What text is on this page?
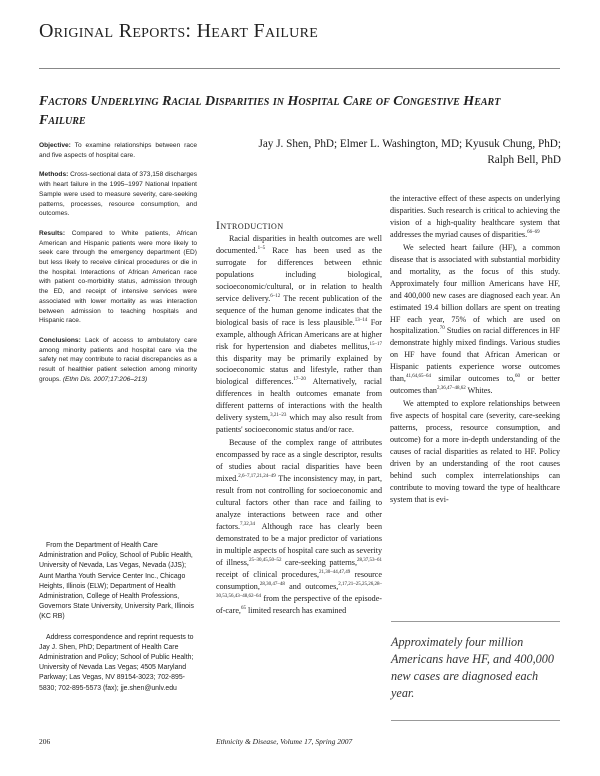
Original Reports: Heart Failure
Factors Underlying Racial Disparities in Hospital Care of Congestive Heart Failure
Jay J. Shen, PhD; Elmer L. Washington, MD; Kyusuk Chung, PhD;
Ralph Bell, PhD

Objective: To examine relationships between race and five aspects of hospital care.

Methods: Cross-sectional data of 373,158 discharges with heart failure in the 1995–1997 National Inpatient Sample were used to measure severity, care-seeking patterns, processes, resource consumption, and outcomes.

Results: Compared to White patients, African American and Hispanic patients were more likely to seek care through the emergency department (ED) but less likely to receive clinical procedures or die in the hospital. Interactions of African American race with patient co-morbidity status, admission through the ED, and receipt of intensive services were associated with lower mortality as was interaction between admission to teaching hospitals and Hispanic race.

Conclusions: Lack of access to ambulatory care among minority patients and hospital care via the safety net may contribute to racial discrepancies as a result of healthier patient selection among minority groups. (Ethn Dis. 2007;17:206–213)

From the Department of Health Care Administration and Policy, School of Public Health, University of Nevada, Las Vegas, Nevada (JJS); Aunt Martha Youth Service Center Inc., Chicago Heights, Illinois (ELW); Department of Health Administration, College of Health Professions, Governors State University, University Park, Illinois (KC RB)

Address correspondence and reprint requests to Jay J. Shen, PhD; Department of Health Care Administration and Policy; School of Public Health; University of Nevada Las Vegas; 4505 Maryland Parkway; Las Vegas, NV 89154-3023; 702-895-5830; 702-895-5573 (fax); jje.shen@unlv.edu

Introduction

Racial disparities in health outcomes are well documented.$^{1-5}$ Race has been used as the surrogate for differences between ethnic populations including biological, socioeconomic/cultural, or in relation to health service delivery.$^{6-12}$ The recent publication of the sequence of the human genome indicates that the biological basis of race is less plausible.$^{13-14}$ For example, although African Americans are at higher risk for hypertension and diabetes mellitus,$^{15-17}$ this disparity may be primarily explained by socioeconomic status and lifestyle, rather than biological differences.$^{17-20}$ Alternatively, racial differences in health outcomes emanate from different patterns of interactions with the health delivery system,$^{3,21-23}$ which may also result from patients' socioeconomic status and/or race.

Because of the complex range of attributes encompassed by race as a single descriptor, results of studies about racial disparities have been mixed.$^{2,6-7,17,21,24-49}$ The inconsistency may, in part, result from not controlling for socioeconomic and cultural factors other than race and failing to analyze interactions between race and other factors.$^{7,32,34}$ Although race has clearly been demonstrated to be a major predictor of variations in multiple aspects of hospital care such as severity of illness,$^{25-30,45,50-52}$ care-seeking patterns,$^{28,37,53-61}$ receipt of clinical procedures,$^{21,30-44,47,49}$ resource consumption,$^{28,30,47-48}$ and outcomes,$^{2,17,21-25,25,26,28-30,53,56,43-48,62-64}$ from the perspective of the episode-of-care,$^{65}$ limited research has examined

the interactive effect of these aspects on underlying disparities. Such research is critical to achieving the vision of a high-quality healthcare system that addresses the myriad causes of disparities.$^{66-69}$

We selected heart failure (HF), a common disease that is associated with substantial morbidity and mortality, as the focus of this study. Approximately four million Americans have HF, and 400,000 new cases are diagnosed each year. An estimated 19.4 billion dollars are spent on treating HF each year, 75% of which are used on hospitalization.$^{70}$ Studies on racial differences in HF demonstrate highly mixed findings. Various studies on HF have found that African American or Hispanic patients experience worse outcomes than,$^{41,64,65-64}$ similar outcomes to,$^{60}$ or better outcomes than$^{2,36,47-48,62}$ Whites.

We attempted to explore relationships between five aspects of hospital care (severity, care-seeking patterns, process, resource consumption, and outcome) for a more in-depth understanding of the causes of racial disparities as related to HF. Policy driven by an understanding of the root causes behind such complex interrelationships can contribute to moving toward the type of healthcare system that is evi-

Approximately four million Americans have HF, and 400,000 new cases are diagnosed each year.
206	Ethnicity & Disease, Volume 17, Spring 2007
